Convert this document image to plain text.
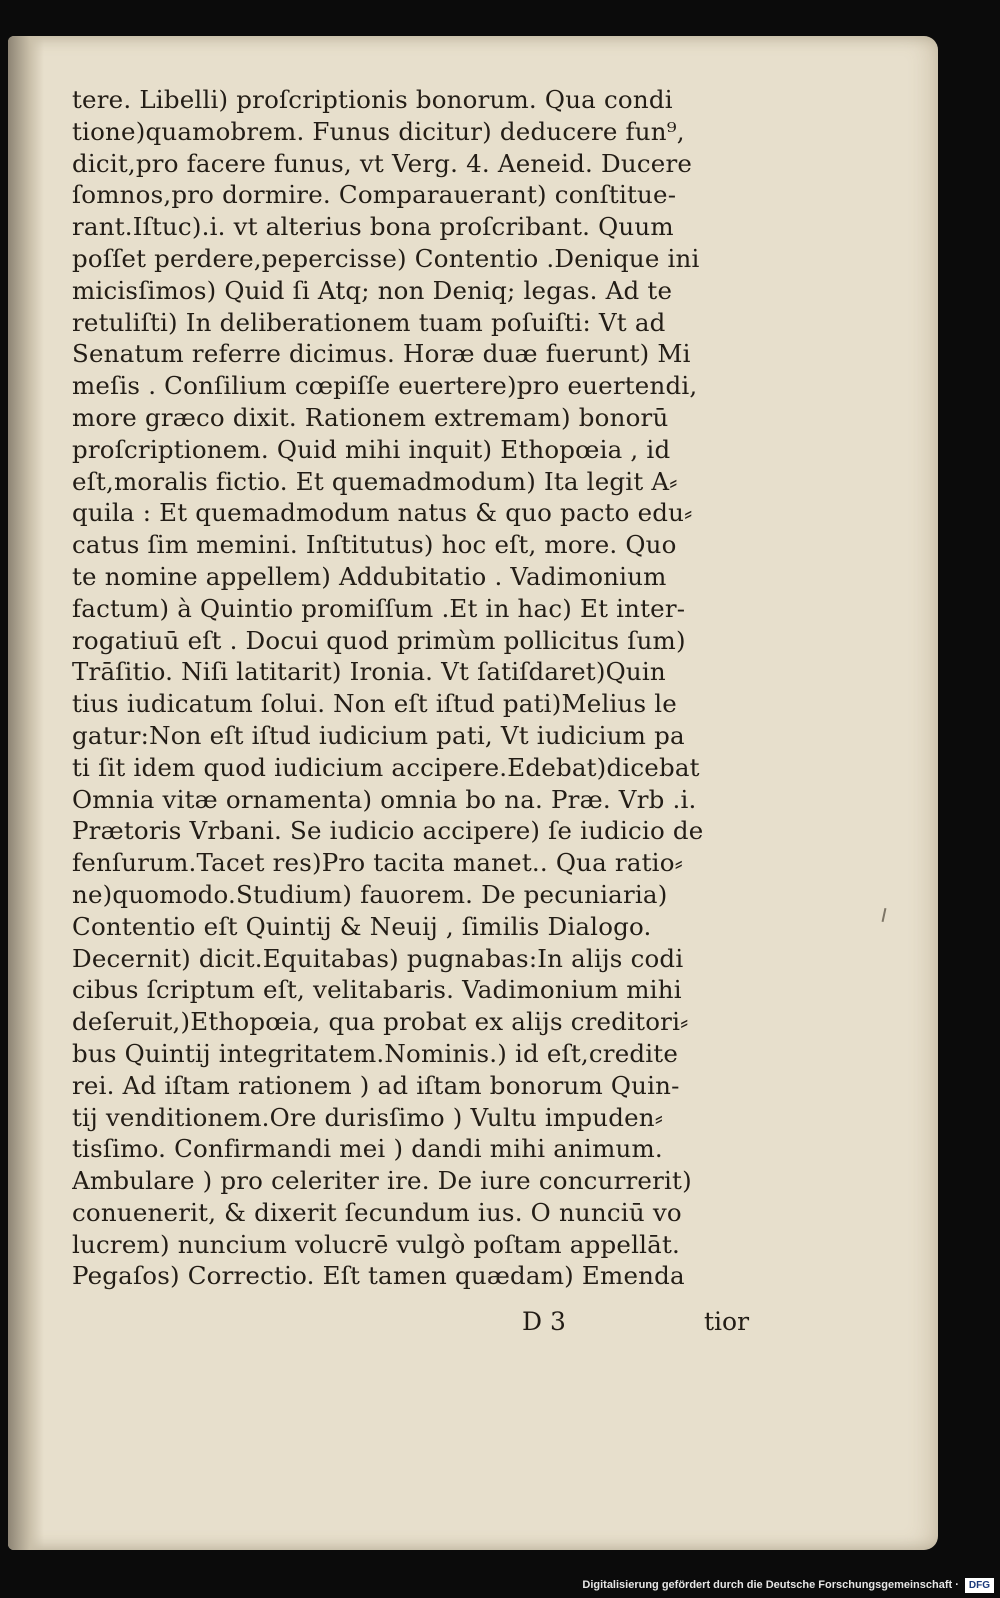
tere. Libelli) proſcriptionis bonorum. Qua condi
tione)quamobrem. Funus dicitur) deducere fun⁹,
dicit,pro facere funus, vt Verg. 4. Aeneid. Ducere
ſomnos,pro dormire. Comparauerant) conſtitue-
rant.Iſtuc).i. vt alterius bona proſcribant. Quum
poſſet perdere,pepercisse) Contentio .Denique ini
micisſimos) Quid ſi Atq; non Deniq; legas. Ad te
retuliſti) In deliberationem tuam poſuiſti: Vt ad
Senatum referre dicimus. Horæ duæ fuerunt) Mi
meſis . Conſilium cœpiſſe euertere)pro euertendi,
more græco dixit. Rationem extremam) bonorū
proſcriptionem. Quid mihi inquit) Ethopœia , id
eſt,moralis fictio. Et quemadmodum) Ita legit A⸗
quila : Et quemadmodum natus & quo pacto edu⸗
catus ſim memini. Inſtitutus) hoc eſt, more. Quo
te nomine appellem) Addubitatio . Vadimonium
factum) à Quintio promiſſum .Et in hac) Et inter-
rogatiuū eſt . Docui quod primùm pollicitus ſum)
Trāſitio. Niſi latitarit) Ironia. Vt ſatiſdaret)Quin
tius iudicatum ſolui. Non eſt iſtud pati)Melius le
gatur:Non eſt iſtud iudicium pati, Vt iudicium pa
ti ſit idem quod iudicium accipere.Edebat)dicebat
Omnia vitæ ornamenta) omnia bo na. Præ. Vrb .i.
Prætoris Vrbani. Se iudicio accipere) ſe iudicio de
fenſurum.Tacet res)Pro tacita manet.. Qua ratio⸗
ne)quomodo.Studium) fauorem. De pecuniaria)
Contentio eſt Quintij & Neuij , ſimilis Dialogo.
Decernit) dicit.Equitabas) pugnabas:In alijs codi
cibus ſcriptum eſt, velitabaris. Vadimonium mihi
deſeruit,)Ethopœia, qua probat ex alijs creditori⸗
bus Quintij integritatem.Nominis.) id eſt,credite
rei. Ad iſtam rationem ) ad iſtam bonorum Quin-
tij venditionem.Ore durisſimo ) Vultu impuden⸗
tisſimo. Confirmandi mei ) dandi mihi animum.
Ambulare ) pro celeriter ire. De iure concurrerit)
conuenerit, & dixerit ſecundum ius. O nunciū vo
lucrem) nuncium volucrē vulgò poſtam appellāt.
Pegaſos) Correctio. Eſt tamen quædam) Emenda
D 3	tior
Digitalisierung gefördert durch die Deutsche Forschungsgemeinschaft ·	DFG
